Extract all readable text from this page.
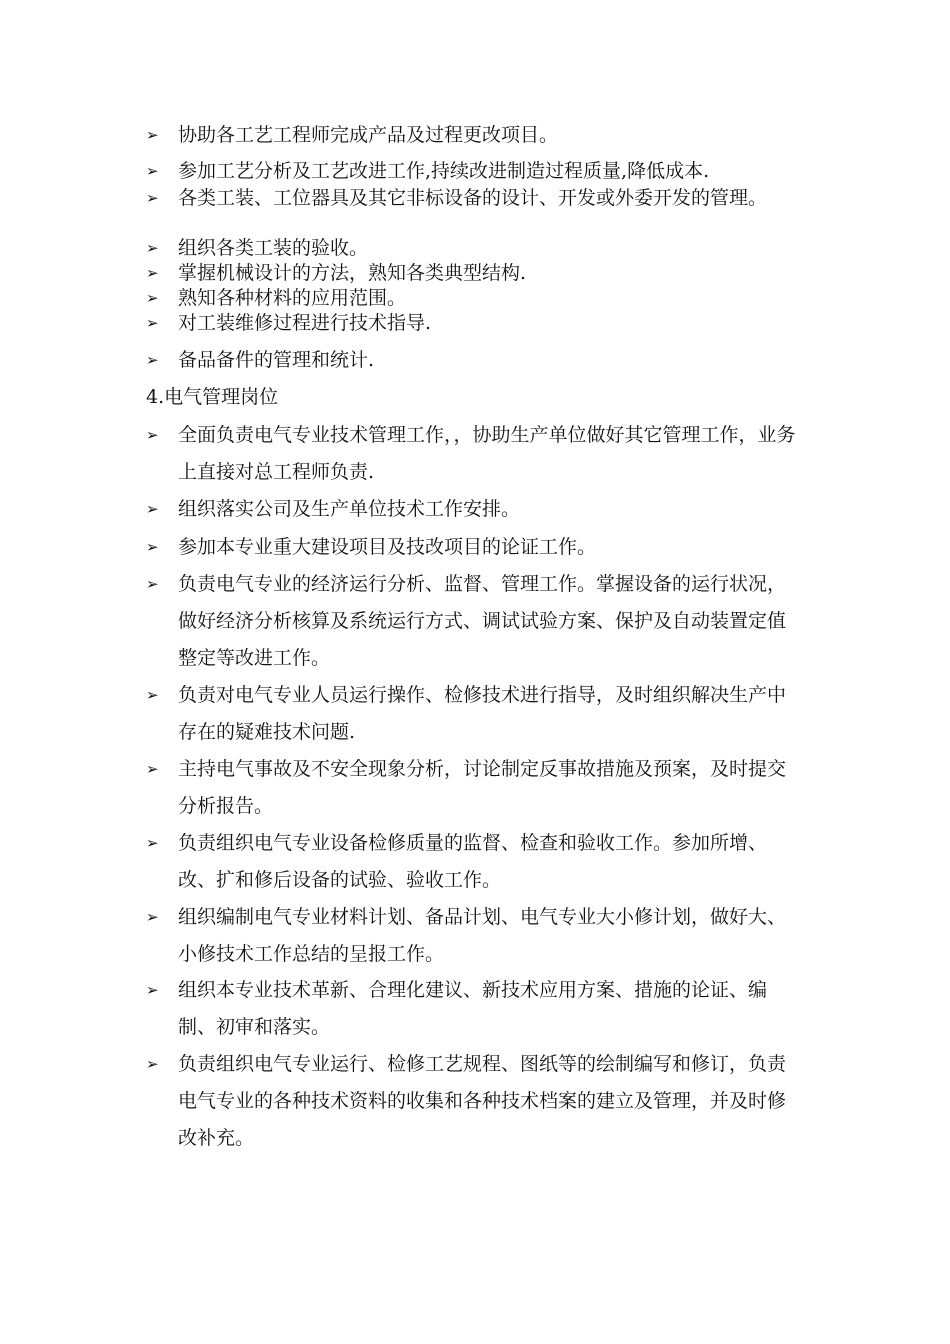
➢ 协助各工艺工程师完成产品及过程更改项目。
➢ 参加工艺分析及工艺改进工作,持续改进制造过程质量,降低成本.
➢ 各类工装、工位器具及其它非标设备的设计、开发或外委开发的管理。
➢ 组织各类工装的验收。
➢ 掌握机械设计的方法，熟知各类典型结构.
➢ 熟知各种材料的应用范围。
➢ 对工装维修过程进行技术指导.
➢ 备品备件的管理和统计.
4.电气管理岗位
➢ 全面负责电气专业技术管理工作，，协助生产单位做好其它管理工作，业务上直接对总工程师负责.
➢ 组织落实公司及生产单位技术工作安排。
➢ 参加本专业重大建设项目及技改项目的论证工作。
➢ 负责电气专业的经济运行分析、监督、管理工作。掌握设备的运行状况，做好经济分析核算及系统运行方式、调试试验方案、保护及自动装置定值整定等改进工作。
➢ 负责对电气专业人员运行操作、检修技术进行指导，及时组织解决生产中存在的疑难技术问题.
➢ 主持电气事故及不安全现象分析，讨论制定反事故措施及预案，及时提交分析报告。
➢ 负责组织电气专业设备检修质量的监督、检查和验收工作。参加所增、改、扩和修后设备的试验、验收工作。
➢ 组织编制电气专业材料计划、备品计划、电气专业大小修计划，做好大、小修技术工作总结的呈报工作。
➢ 组织本专业技术革新、合理化建议、新技术应用方案、措施的论证、编制、初审和落实。
➢ 负责组织电气专业运行、检修工艺规程、图纸等的绘制编写和修订，负责电气专业的各种技术资料的收集和各种技术档案的建立及管理，并及时修改补充。
